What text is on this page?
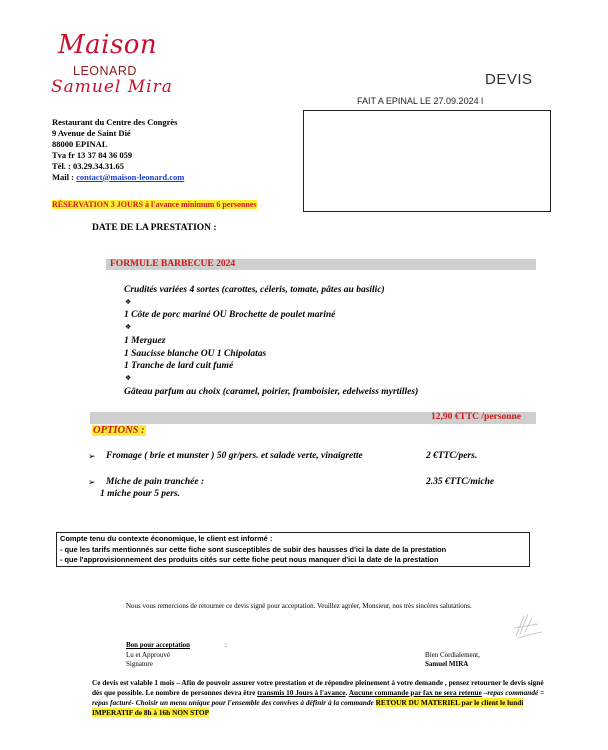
Maison
LEONARD
Samuel Mira	DEVIS
FAIT A EPINAL LE 27.09.2024 l
Restaurant du Centre des Congrès
9 Avenue de Saint Dié
88000 EPINAL
Tva fr 13 37 84 36 059
Tél. : 03.29.34.31.65
Mail : contact@maison-leonard.com
RÉSERVATION 3 JOURS à l'avance minimum 6 personnes
DATE DE LA PRESTATION :
FORMULE BARBECUE 2024
Crudités variées 4 sortes (carottes, céleris, tomate, pâtes au basilic)
❖
1 Côte de porc mariné OU Brochette de poulet mariné
❖
1 Merguez
1 Saucisse blanche OU 1 Chipolatas
1 Tranche de lard cuit fumé
❖
Gâteau parfum au choix (caramel, poirier, framboisier, edelweiss myrtilles)
12,90 €TTC /personne
OPTIONS :
➢ Fromage ( brie et munster ) 50 gr/pers. et salade verte, vinaigrette	2 €TTC/pers.
➢ Miche de pain tranchée :	2.35 €TTC/miche
1 miche pour 5 pers.
Compte tenu du contexte économique, le client est informé :
- que les tarifs mentionnés sur cette fiche sont susceptibles de subir des hausses d'ici la date de la prestation
- que l'approvisionnement des produits cités sur cette fiche peut nous manquer d'ici la date de la prestation
Nous vous remercions de retourner ce devis signé pour acceptation. Veuillez agréer, Monsieur, nos très sincères salutations.
Bon pour acceptation	:
Lu et Approuvé
Signature
Bien Cordialement,
Samuel MIRA
Ce devis est valable 1 mois – Afin de pouvoir assurer votre prestation et de répondre pleinement à votre demande , pensez retourner le devis signé dès que possible. Le nombre de personnes devra être transmis 10 Jours à l'avance. Aucune commande par fax ne sera retenue –repas commandé = repas facturé- Choisir un menu unique pour l'ensemble des convives à définir à la commande RETOUR DU MATERIEL par le client le lundi IMPERATIF de 8h à 16h NON STOP
